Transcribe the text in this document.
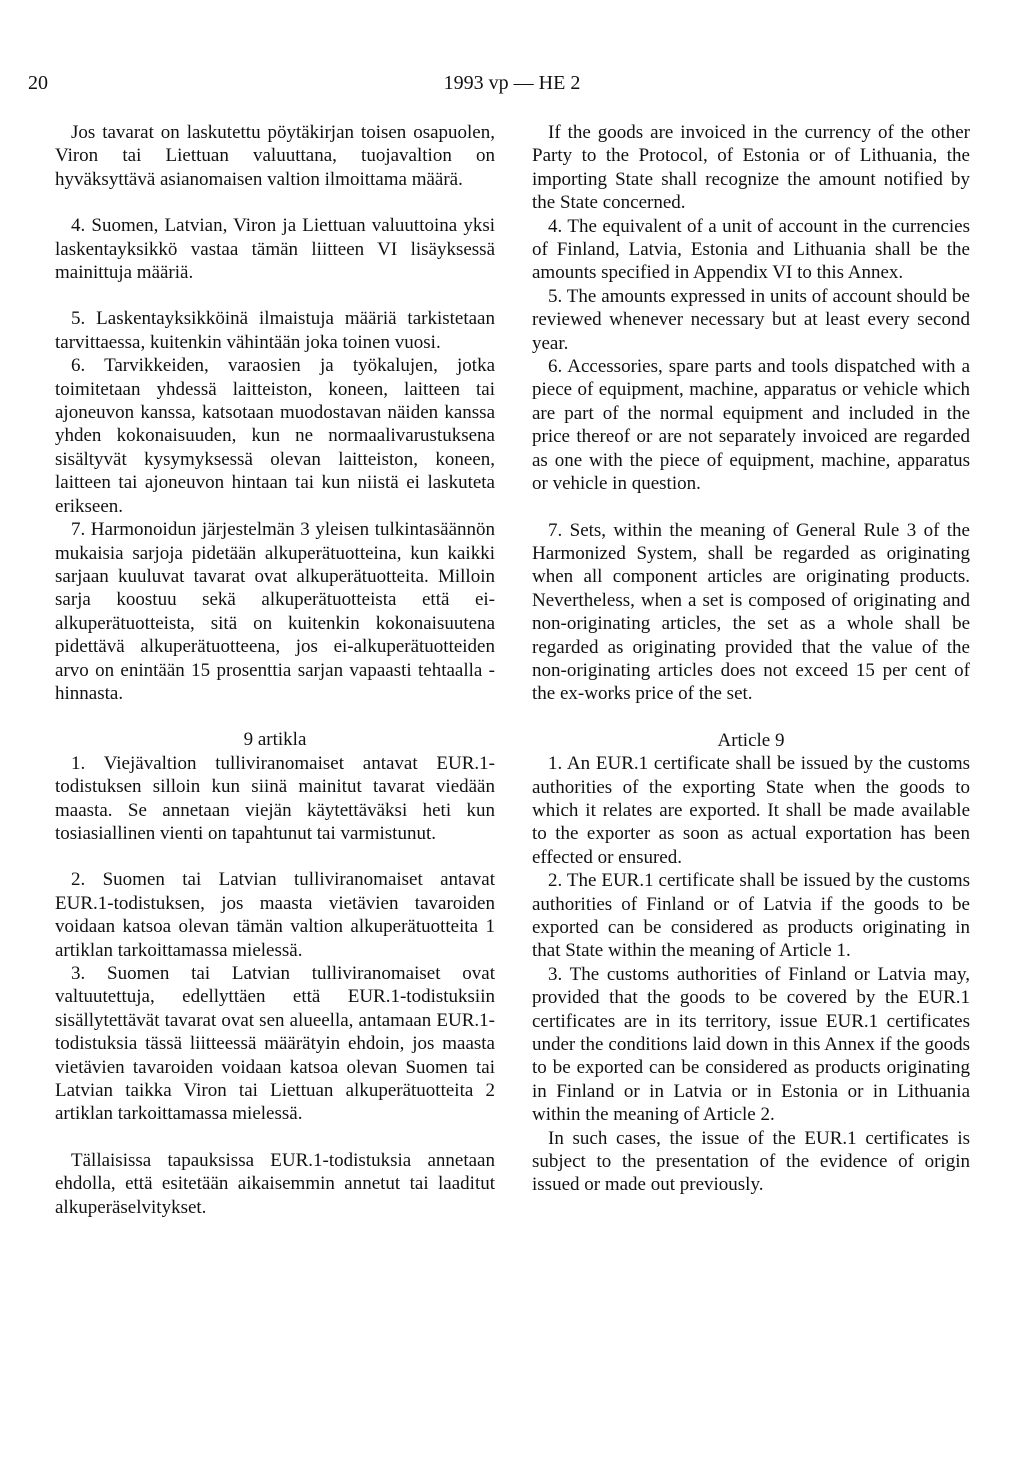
20	1993 vp — HE 2

Jos tavarat on laskutettu pöytäkirjan toisen osapuolen, Viron tai Liettuan valuuttana, tuojavaltion on hyväksyttävä asianomaisen valtion ilmoittama määrä.

4. Suomen, Latvian, Viron ja Liettuan valuuttoina yksi laskentayksikkö vastaa tämän liitteen VI lisäyksessä mainittuja määriä.

5. Laskentayksikköinä ilmaistuja määriä tarkistetaan tarvittaessa, kuitenkin vähintään joka toinen vuosi.

6. Tarvikkeiden, varaosien ja työkalujen, jotka toimitetaan yhdessä laitteiston, koneen, laitteen tai ajoneuvon kanssa, katsotaan muodostavan näiden kanssa yhden kokonaisuuden, kun ne normaalivarustuksena sisältyvät kysymyksessä olevan laitteiston, koneen, laitteen tai ajoneuvon hintaan tai kun niistä ei laskuteta erikseen.

7. Harmonoidun järjestelmän 3 yleisen tulkintasäännön mukaisia sarjoja pidetään alkuperätuotteina, kun kaikki sarjaan kuuluvat tavarat ovat alkuperätuotteita. Milloin sarja koostuu sekä alkuperätuotteista että ei-alkuperätuotteista, sitä on kuitenkin kokonaisuutena pidettävä alkuperätuotteena, jos ei-alkuperätuotteiden arvo on enintään 15 prosenttia sarjan vapaasti tehtaalla -hinnasta.

9 artikla

1. Viejävaltion tulliviranomaiset antavat EUR.1-todistuksen silloin kun siinä mainitut tavarat viedään maasta. Se annetaan viejän käytettäväksi heti kun tosiasiallinen vienti on tapahtunut tai varmistunut.

2. Suomen tai Latvian tulliviranomaiset antavat EUR.1-todistuksen, jos maasta vietävien tavaroiden voidaan katsoa olevan tämän valtion alkuperätuotteita 1 artiklan tarkoittamassa mielessä.

3. Suomen tai Latvian tulliviranomaiset ovat valtuutettuja, edellyttäen että EUR.1-todistuksiin sisällytettävät tavarat ovat sen alueella, antamaan EUR.1-todistuksia tässä liitteessä määrätyin ehdoin, jos maasta vietävien tavaroiden voidaan katsoa olevan Suomen tai Latvian taikka Viron tai Liettuan alkuperätuotteita 2 artiklan tarkoittamassa mielessä.

Tällaisissa tapauksissa EUR.1-todistuksia annetaan ehdolla, että esitetään aikaisemmin annetut tai laaditut alkuperäselvitykset.

If the goods are invoiced in the currency of the other Party to the Protocol, of Estonia or of Lithuania, the importing State shall recognize the amount notified by the State concerned.

4. The equivalent of a unit of account in the currencies of Finland, Latvia, Estonia and Lithuania shall be the amounts specified in Appendix VI to this Annex.

5. The amounts expressed in units of account should be reviewed whenever necessary but at least every second year.

6. Accessories, spare parts and tools dispatched with a piece of equipment, machine, apparatus or vehicle which are part of the normal equipment and included in the price thereof or are not separately invoiced are regarded as one with the piece of equipment, machine, apparatus or vehicle in question.

7. Sets, within the meaning of General Rule 3 of the Harmonized System, shall be regarded as originating when all component articles are originating products. Nevertheless, when a set is composed of originating and non-originating articles, the set as a whole shall be regarded as originating provided that the value of the non-originating articles does not exceed 15 per cent of the ex-works price of the set.

Article 9

1. An EUR.1 certificate shall be issued by the customs authorities of the exporting State when the goods to which it relates are exported. It shall be made available to the exporter as soon as actual exportation has been effected or ensured.

2. The EUR.1 certificate shall be issued by the customs authorities of Finland or of Latvia if the goods to be exported can be considered as products originating in that State within the meaning of Article 1.

3. The customs authorities of Finland or Latvia may, provided that the goods to be covered by the EUR.1 certificates are in its territory, issue EUR.1 certificates under the conditions laid down in this Annex if the goods to be exported can be considered as products originating in Finland or in Latvia or in Estonia or in Lithuania within the meaning of Article 2.

In such cases, the issue of the EUR.1 certificates is subject to the presentation of the evidence of origin issued or made out previously.
